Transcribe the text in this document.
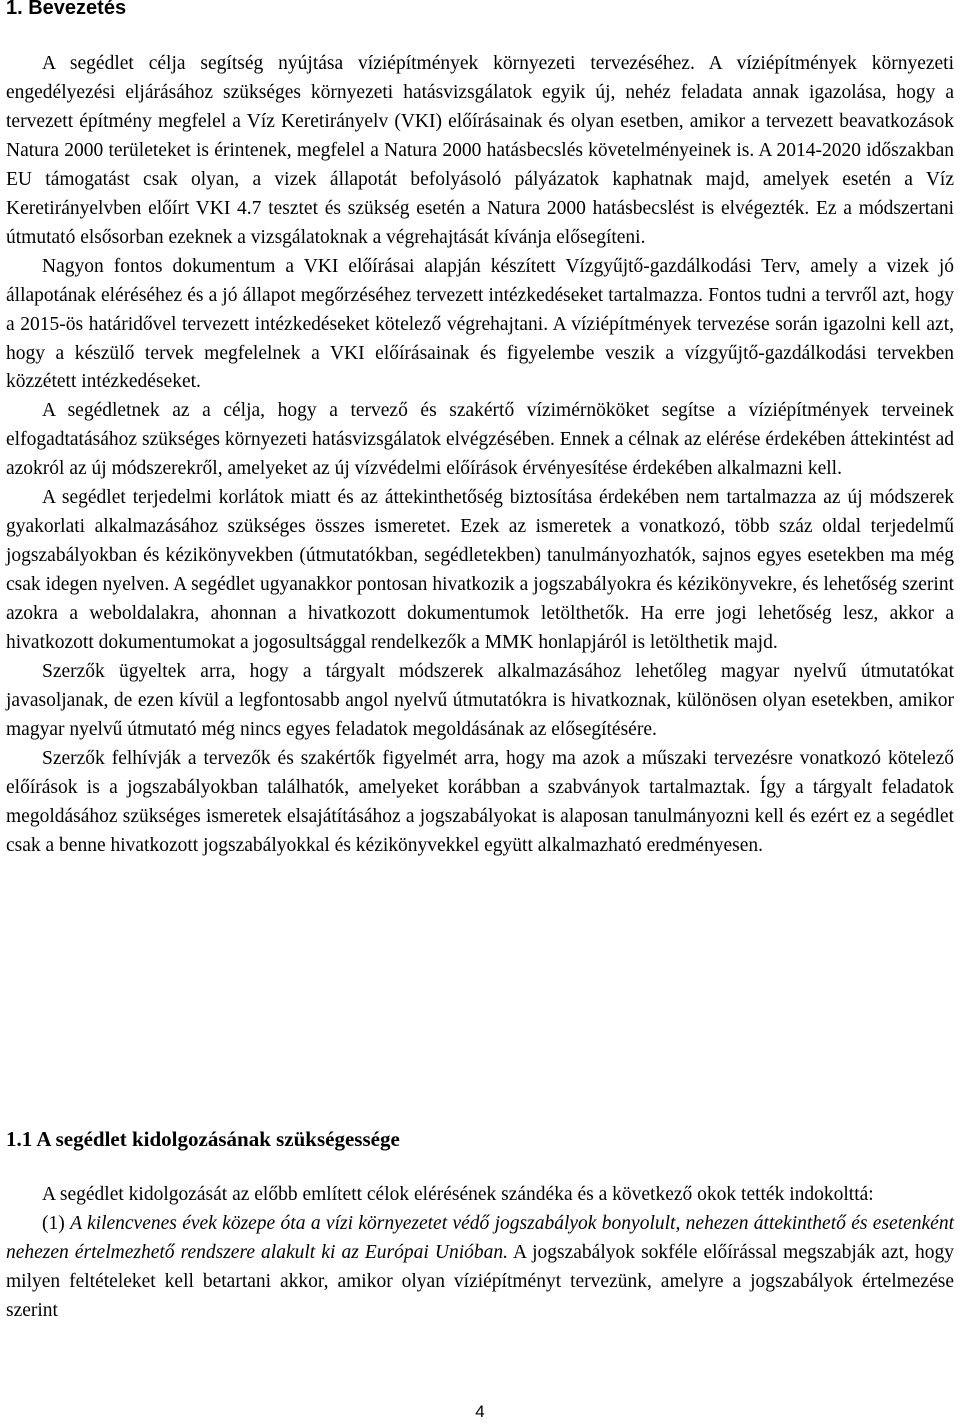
1. Bevezetés

A segédlet célja segítség nyújtása víziépítmények környezeti tervezéséhez. A víziépítmények környezeti engedélyezési eljárásához szükséges környezeti hatásvizsgálatok egyik új, nehéz feladata annak igazolása, hogy a tervezett építmény megfelel a Víz Keretirányelv (VKI) előírásainak és olyan esetben, amikor a tervezett beavatkozások Natura 2000 területeket is érintenek, megfelel a Natura 2000 hatásbecslés követelményeinek is. A 2014-2020 időszakban EU támogatást csak olyan, a vizek állapotát befolyásoló pályázatok kaphatnak majd, amelyek esetén a Víz Keretirányelvben előírt VKI 4.7 tesztet és szükség esetén a Natura 2000 hatásbecslést is elvégezték. Ez a módszertani útmutató elsősorban ezeknek a vizsgálatoknak a végrehajtását kívánja elősegíteni.

Nagyon fontos dokumentum a VKI előírásai alapján készített Vízgyűjtő-gazdálkodási Terv, amely a vizek jó állapotának eléréséhez és a jó állapot megőrzéséhez tervezett intézkedéseket tartalmazza. Fontos tudni a tervről azt, hogy a 2015-ös határidővel tervezett intézkedéseket kötelező végrehajtani. A víziépítmények tervezése során igazolni kell azt, hogy a készülő tervek megfelelnek a VKI előírásainak és figyelembe veszik a vízgyűjtő-gazdálkodási tervekben közzétett intézkedéseket.

A segédletnek az a célja, hogy a tervező és szakértő vízimérnököket segítse a víziépítmények terveinek elfogadtatásához szükséges környezeti hatásvizsgálatok elvégzésében. Ennek a célnak az elérése érdekében áttekintést ad azokról az új módszerekről, amelyeket az új vízvédelmi előírások érvényesítése érdekében alkalmazni kell.

A segédlet terjedelmi korlátok miatt és az áttekinthetőség biztosítása érdekében nem tartalmazza az új módszerek gyakorlati alkalmazásához szükséges összes ismeretet. Ezek az ismeretek a vonatkozó, több száz oldal terjedelmű jogszabályokban és kézikönyvekben (útmutatókban, segédletekben) tanulmányozhatók, sajnos egyes esetekben ma még csak idegen nyelven. A segédlet ugyanakkor pontosan hivatkozik a jogszabályokra és kézikönyvekre, és lehetőség szerint azokra a weboldalakra, ahonnan a hivatkozott dokumentumok letölthetők. Ha erre jogi lehetőség lesz, akkor a hivatkozott dokumentumokat a jogosultsággal rendelkezők a MMK honlapjáról is letölthetik majd.

Szerzők ügyeltek arra, hogy a tárgyalt módszerek alkalmazásához lehetőleg magyar nyelvű útmutatókat javasoljanak, de ezen kívül a legfontosabb angol nyelvű útmutatókra is hivatkoznak, különösen olyan esetekben, amikor magyar nyelvű útmutató még nincs egyes feladatok megoldásának az elősegítésére.

Szerzők felhívják a tervezők és szakértők figyelmét arra, hogy ma azok a műszaki tervezésre vonatkozó kötelező előírások is a jogszabályokban találhatók, amelyeket korábban a szabványok tartalmaztak. Így a tárgyalt feladatok megoldásához szükséges ismeretek elsajátításához a jogszabályokat is alaposan tanulmányozni kell és ezért ez a segédlet csak a benne hivatkozott jogszabályokkal és kézikönyvekkel együtt alkalmazható eredményesen.

1.1 A segédlet kidolgozásának szükségessége

A segédlet kidolgozását az előbb említett célok elérésének szándéka és a következő okok tették indokolttá:

(1) A kilencvenes évek közepe óta a vízi környezetet védő jogszabályok bonyolult, nehezen áttekinthető és esetenként nehezen értelmezhető rendszere alakult ki az Európai Unióban. A jogszabályok sokféle előírással megszabják azt, hogy milyen feltételeket kell betartani akkor, amikor olyan víziépítményt tervezünk, amelyre a jogszabályok értelmezése szerint

4
